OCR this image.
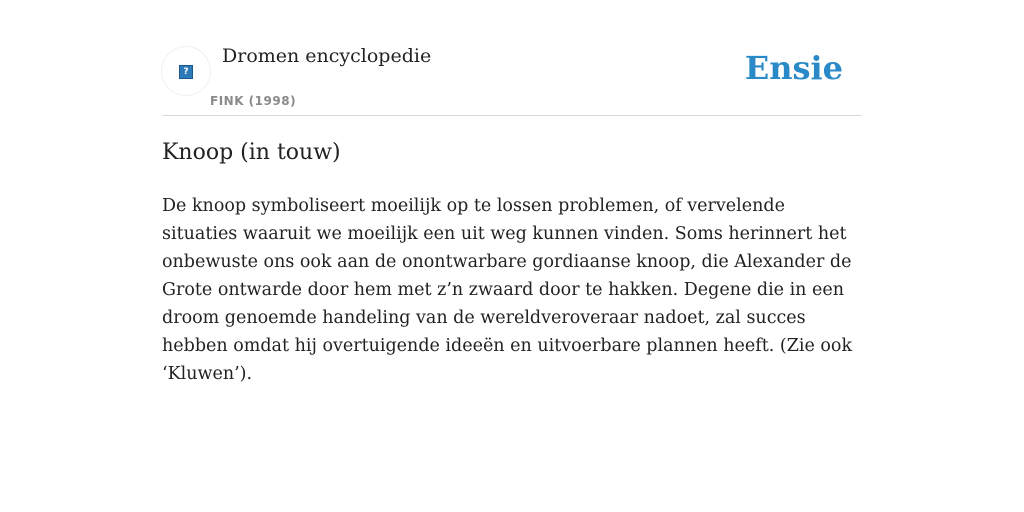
?
Dromen encyclopedie
FINK (1998)
Ensie
Knoop (in touw)

De knoop symboliseert moeilijk op te lossen problemen, of vervelende situaties waaruit we moeilijk een uit weg kunnen vinden. Soms herinnert het onbewuste ons ook aan de onontwarbare gordiaanse knoop, die Alexander de Grote ontwarde door hem met z’n zwaard door te hakken. Degene die in een droom genoemde handeling van de wereldveroveraar nadoet, zal succes hebben omdat hij overtuigende ideeën en uitvoerbare plannen heeft. (Zie ook ‘Kluwen’).
